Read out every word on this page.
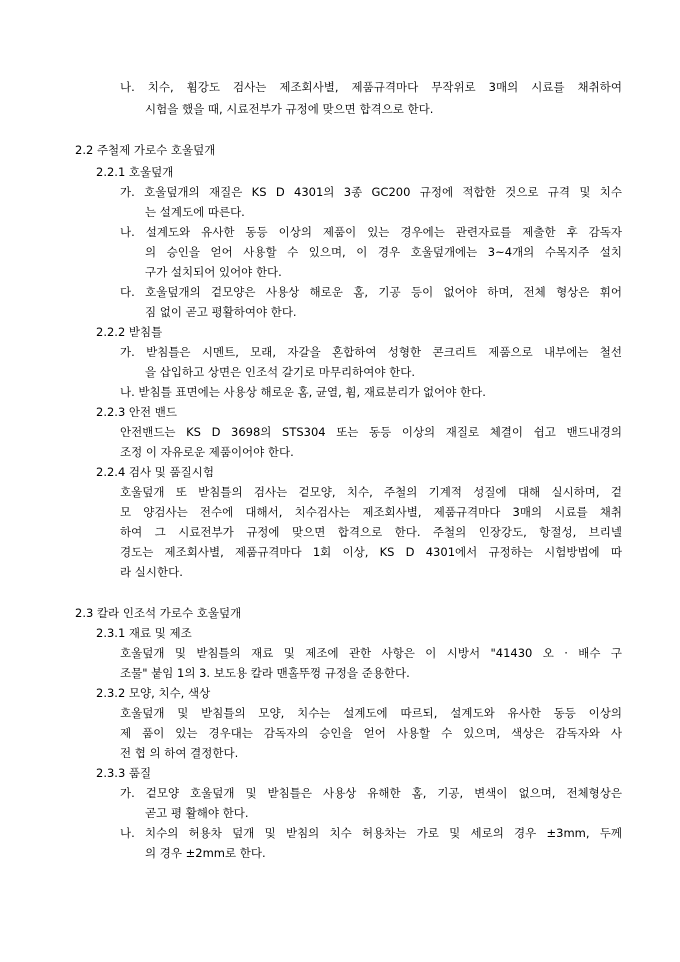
나. 치수, 휨강도 검사는 제조회사별, 제품규격마다 무작위로 3매의 시료를 채취하여
시험을 했을 때, 시료전부가 규정에 맞으면 합격으로 한다.
2.2 주철제 가로수 호울덮개
2.2.1 호울덮개
가. 호울덮개의 재질은 KS D 4301의 3종 GC200 규정에 적합한 것으로 규격 및 치수
는 설계도에 따른다.
나. 설계도와 유사한 동등 이상의 제품이 있는 경우에는 관련자료를 제출한 후 감독자
의 승인을 얻어 사용할 수 있으며, 이 경우 호울덮개에는 3~4개의 수목지주 설치
구가 설치되어 있어야 한다.
다. 호울덮개의 겉모양은 사용상 해로운 홈, 기공 등이 없어야 하며, 전체 형상은 휘어
짐 없이 곧고 평활하여야 한다.
2.2.2 받침틀
가. 받침틀은 시멘트, 모래, 자갈을 혼합하여 성형한 콘크리트 제품으로 내부에는 철선
을 삽입하고 상면은 인조석 갈기로 마무리하여야 한다.
나. 받침틀 표면에는 사용상 해로운 홈, 균열, 휨, 재료분리가 없어야 한다.
2.2.3 안전 밴드
안전밴드는 KS D 3698의 STS304 또는 동등 이상의 재질로 체결이 쉽고 밴드내경의
조정 이 자유로운 제품이어야 한다.
2.2.4 검사 및 품질시험
호울덮개 또 받침틀의 검사는 겉모양, 치수, 주철의 기계적 성질에 대해 실시하며, 겉
모 양검사는 전수에 대해서, 치수검사는 제조회사별, 제품규격마다 3매의 시료를 채취
하여 그 시료전부가 규정에 맞으면 합격으로 한다. 주철의 인장강도, 항절성, 브리넬
경도는 제조회사별, 제품규격마다 1회 이상, KS D 4301에서 규정하는 시험방법에 따
라 실시한다.
2.3 칼라 인조석 가로수 호울덮개
2.3.1 재료 및 제조
호울덮개 및 받침틀의 재료 및 제조에 관한 사항은 이 시방서 "41430 오 · 배수 구
조물" 붙임 1의 3. 보도용 칼라 맨홀뚜껑 규정을 준용한다.
2.3.2 모양, 치수, 색상
호울덮개 및 받침틀의 모양, 치수는 설계도에 따르되, 설계도와 유사한 동등 이상의
제 품이 있는 경우대는 감독자의 승인을 얻어 사용할 수 있으며, 색상은 감독자와 사
전 협 의 하여 결정한다.
2.3.3 품질
가. 겉모양 호울덮개 및 받침틀은 사용상 유해한 홈, 기공, 변색이 없으며, 전체형상은
곧고 평 활해야 한다.
나. 치수의 허용차 덮개 및 받침의 치수 허용차는 가로 및 세로의 경우 ±3mm, 두께
의 경우 ±2mm로 한다.
